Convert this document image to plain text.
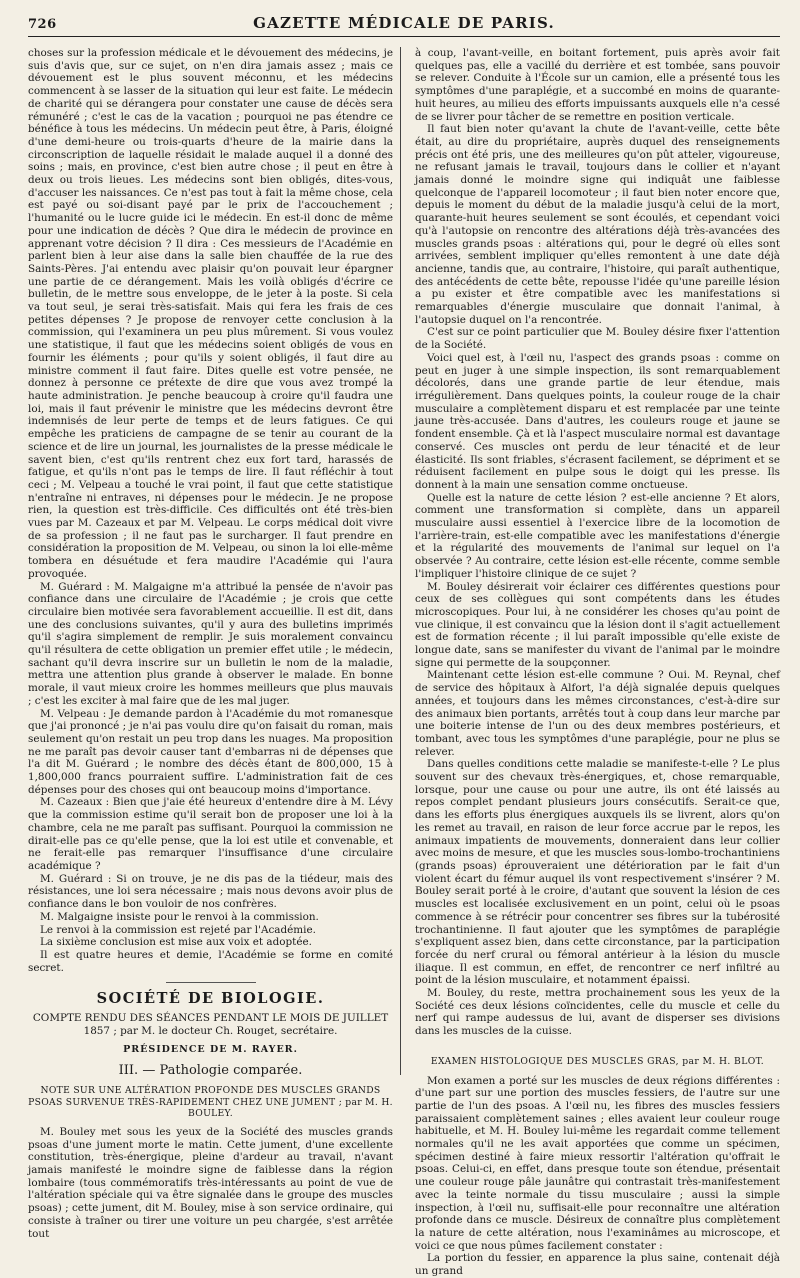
726	GAZETTE MÉDICALE DE PARIS.

choses sur la profession médicale et le dévouement des médecins, je suis d'avis que, sur ce sujet, on n'en dira jamais assez ; mais ce dévouement est le plus souvent méconnu, et les médecins commencent à se lasser de la situation qui leur est faite. Le médecin de charité qui se dérangera pour constater une cause de décès sera rémunéré ; c'est le cas de la vacation ; pourquoi ne pas étendre ce bénéfice à tous les médecins. Un médecin peut être, à Paris, éloigné d'une demi-heure ou trois-quarts d'heure de la mairie dans la circonscription de laquelle résidait le malade auquel il a donné des soins ; mais, en province, c'est bien autre chose ; il peut en être à deux ou trois lieues. Les médecins sont bien obligés, dites-vous, d'accuser les naissances. Ce n'est pas tout à fait la même chose, cela est payé ou soi-disant payé par le prix de l'accouchement ; l'humanité ou le lucre guide ici le médecin. En est-il donc de même pour une indication de décès ? Que dira le médecin de province en apprenant votre décision ? Il dira : Ces messieurs de l'Académie en parlent bien à leur aise dans la salle bien chauffée de la rue des Saints-Pères. J'ai entendu avec plaisir qu'on pouvait leur épargner une partie de ce dérangement. Mais les voilà obligés d'écrire ce bulletin, de le mettre sous enveloppe, de le jeter à la poste. Si cela va tout seul, je serai très-satisfait. Mais qui fera les frais de ces petites dépenses ? Je propose de renvoyer cette conclusion à la commission, qui l'examinera un peu plus mûrement. Si vous voulez une statistique, il faut que les médecins soient obligés de vous en fournir les éléments ; pour qu'ils y soient obligés, il faut dire au ministre comment il faut faire. Dites quelle est votre pensée, ne donnez à personne ce prétexte de dire que vous avez trompé la haute administration. Je penche beaucoup à croire qu'il faudra une loi, mais il faut prévenir le ministre que les médecins devront être indemnisés de leur perte de temps et de leurs fatigues. Ce qui empêche les praticiens de campagne de se tenir au courant de la science et de lire un journal, les journalistes de la presse médicale le savent bien, c'est qu'ils rentrent chez eux fort tard, harassés de fatigue, et qu'ils n'ont pas le temps de lire. Il faut réfléchir à tout ceci ; M. Velpeau a touché le vrai point, il faut que cette statistique n'entraîne ni entraves, ni dépenses pour le médecin. Je ne propose rien, la question est très-difficile. Ces difficultés ont été très-bien vues par M. Cazeaux et par M. Velpeau. Le corps médical doit vivre de sa profession ; il ne faut pas le surcharger. Il faut prendre en considération la proposition de M. Velpeau, ou sinon la loi elle-même tombera en désuétude et fera maudire l'Académie qui l'aura provoquée.

M. Guérard : M. Malgaigne m'a attribué la pensée de n'avoir pas confiance dans une circulaire de l'Académie ; je crois que cette circulaire bien motivée sera favorablement accueillie. Il est dit, dans une des conclusions suivantes, qu'il y aura des bulletins imprimés qu'il s'agira simplement de remplir. Je suis moralement convaincu qu'il résultera de cette obligation un premier effet utile ; le médecin, sachant qu'il devra inscrire sur un bulletin le nom de la maladie, mettra une attention plus grande à observer le malade. En bonne morale, il vaut mieux croire les hommes meilleurs que plus mauvais ; c'est les exciter à mal faire que de les mal juger.

M. Velpeau : Je demande pardon à l'Académie du mot romanesque que j'ai prononcé ; je n'ai pas voulu dire qu'on faisait du roman, mais seulement qu'on restait un peu trop dans les nuages. Ma proposition ne me paraît pas devoir causer tant d'embarras ni de dépenses que l'a dit M. Guérard ; le nombre des décès étant de 800,000, 15 à 1,800,000 francs pourraient suffire. L'administration fait de ces dépenses pour des choses qui ont beaucoup moins d'importance.

M. Cazeaux : Bien que j'aie été heureux d'entendre dire à M. Lévy que la commission estime qu'il serait bon de proposer une loi à la chambre, cela ne me paraît pas suffisant. Pourquoi la commission ne dirait-elle pas ce qu'elle pense, que la loi est utile et convenable, et ne ferait-elle pas remarquer l'insuffisance d'une circulaire académique ?

M. Guérard : Si on trouve, je ne dis pas de la tiédeur, mais des résistances, une loi sera nécessaire ; mais nous devons avoir plus de confiance dans le bon vouloir de nos confrères.

M. Malgaigne insiste pour le renvoi à la commission.

Le renvoi à la commission est rejeté par l'Académie.

La sixième conclusion est mise aux voix et adoptée.

Il est quatre heures et demie, l'Académie se forme en comité secret.

SOCIÉTÉ DE BIOLOGIE.
COMPTE RENDU DES SÉANCES PENDANT LE MOIS DE JUILLET 1857 ; par M. le docteur Ch. Rouget, secrétaire.
PRÉSIDENCE DE M. RAYER.
III. — Pathologie comparée.
NOTE SUR UNE ALTÉRATION PROFONDE DES MUSCLES GRANDS PSOAS SURVENUE TRÈS-RAPIDEMENT CHEZ UNE JUMENT ; par M. H. BOULEY.

M. Bouley met sous les yeux de la Société des muscles grands psoas d'une jument morte le matin. Cette jument, d'une excellente constitution, très-énergique, pleine d'ardeur au travail, n'avant jamais manifesté le moindre signe de faiblesse dans la région lombaire (tous commémoratifs très-intéressants au point de vue de l'altération spéciale qui va être signalée dans le groupe des muscles psoas) ; cette jument, dit M. Bouley, mise à son service ordinaire, qui consiste à traîner ou tirer une voiture un peu chargée, s'est arrêtée tout

à coup, l'avant-veille, en boitant fortement, puis après avoir fait quelques pas, elle a vacillé du derrière et est tombée, sans pouvoir se relever. Conduite à l'École sur un camion, elle a présenté tous les symptômes d'une paraplégie, et a succombé en moins de quarante-huit heures, au milieu des efforts impuissants auxquels elle n'a cessé de se livrer pour tâcher de se remettre en position verticale.

Il faut bien noter qu'avant la chute de l'avant-veille, cette bête était, au dire du propriétaire, auprès duquel des renseignements précis ont été pris, une des meilleures qu'on pût atteler, vigoureuse, ne refusant jamais le travail, toujours dans le collier et n'ayant jamais donné le moindre signe qui indiquât une faiblesse quelconque de l'appareil locomoteur ; il faut bien noter encore que, depuis le moment du début de la maladie jusqu'à celui de la mort, quarante-huit heures seulement se sont écoulés, et cependant voici qu'à l'autopsie on rencontre des altérations déjà très-avancées des muscles grands psoas : altérations qui, pour le degré où elles sont arrivées, semblent impliquer qu'elles remontent à une date déjà ancienne, tandis que, au contraire, l'histoire, qui paraît authentique, des antécédents de cette bête, repousse l'idée qu'une pareille lésion a pu exister et être compatible avec les manifestations si remarquables d'énergie musculaire que donnait l'animal, à l'autopsie duquel on l'a rencontrée.

C'est sur ce point particulier que M. Bouley désire fixer l'attention de la Société.

Voici quel est, à l'œil nu, l'aspect des grands psoas : comme on peut en juger à une simple inspection, ils sont remarquablement décolorés, dans une grande partie de leur étendue, mais irrégulièrement. Dans quelques points, la couleur rouge de la chair musculaire a complètement disparu et est remplacée par une teinte jaune très-accusée. Dans d'autres, les couleurs rouge et jaune se fondent ensemble. Çà et là l'aspect musculaire normal est davantage conservé. Ces muscles ont perdu de leur ténacité et de leur élasticité. Ils sont friables, s'écrasent facilement, se dépriment et se réduisent facilement en pulpe sous le doigt qui les presse. Ils donnent à la main une sensation comme onctueuse.

Quelle est la nature de cette lésion ? est-elle ancienne ? Et alors, comment une transformation si complète, dans un appareil musculaire aussi essentiel à l'exercice libre de la locomotion de l'arrière-train, est-elle compatible avec les manifestations d'énergie et la régularité des mouvements de l'animal sur lequel on l'a observée ? Au contraire, cette lésion est-elle récente, comme semble l'impliquer l'histoire clinique de ce sujet ?

M. Bouley désirerait voir éclairer ces différentes questions pour ceux de ses collègues qui sont compétents dans les études microscopiques. Pour lui, à ne considérer les choses qu'au point de vue clinique, il est convaincu que la lésion dont il s'agit actuellement est de formation récente ; il lui paraît impossible qu'elle existe de longue date, sans se manifester du vivant de l'animal par le moindre signe qui permette de la soupçonner.

Maintenant cette lésion est-elle commune ? Oui. M. Reynal, chef de service des hôpitaux à Alfort, l'a déjà signalée depuis quelques années, et toujours dans les mêmes circonstances, c'est-à-dire sur des animaux bien portants, arrêtés tout à coup dans leur marche par une boiterie intense de l'un ou des deux membres postérieurs, et tombant, avec tous les symptômes d'une paraplégie, pour ne plus se relever.

Dans quelles conditions cette maladie se manifeste-t-elle ? Le plus souvent sur des chevaux très-énergiques, et, chose remarquable, lorsque, pour une cause ou pour une autre, ils ont été laissés au repos complet pendant plusieurs jours consécutifs. Serait-ce que, dans les efforts plus énergiques auxquels ils se livrent, alors qu'on les remet au travail, en raison de leur force accrue par le repos, les animaux impatients de mouvements, donneraient dans leur collier avec moins de mesure, et que les muscles sous-lombo-trochantiniens (grands psoas) éprouveraient une détérioration par le fait d'un violent écart du fémur auquel ils vont respectivement s'insérer ? M. Bouley serait porté à le croire, d'autant que souvent la lésion de ces muscles est localisée exclusivement en un point, celui où le psoas commence à se rétrécir pour concentrer ses fibres sur la tubérosité trochantinienne. Il faut ajouter que les symptômes de paraplégie s'expliquent assez bien, dans cette circonstance, par la participation forcée du nerf crural ou fémoral antérieur à la lésion du muscle iliaque. Il est commun, en effet, de rencontrer ce nerf infiltré au point de la lésion musculaire, et notamment épaissi.

M. Bouley, du reste, mettra prochainement sous les yeux de la Société ces deux lésions coïncidentes, celle du muscle et celle du nerf qui rampe audessus de lui, avant de disperser ses divisions dans les muscles de la cuisse.

EXAMEN HISTOLOGIQUE DES MUSCLES GRAS, par M. H. BLOT.

Mon examen a porté sur les muscles de deux régions différentes : d'une part sur une portion des muscles fessiers, de l'autre sur une partie de l'un des psoas. A l'œil nu, les fibres des muscles fessiers paraissaient complètement saines ; elles avaient leur couleur rouge habituelle, et M. H. Bouley lui-même les regardait comme tellement normales qu'il ne les avait apportées que comme un spécimen, spécimen destiné à faire mieux ressortir l'altération qu'offrait le psoas. Celui-ci, en effet, dans presque toute son étendue, présentait une couleur rouge pâle jaunâtre qui contrastait très-manifestement avec la teinte normale du tissu musculaire ; aussi la simple inspection, à l'œil nu, suffisait-elle pour reconnaître une altération profonde dans ce muscle. Désireux de connaître plus complètement la nature de cette altération, nous l'examinâmes au microscope, et voici ce que nous pûmes facilement constater :

La portion du fessier, en apparence la plus saine, contenait déjà un grand
